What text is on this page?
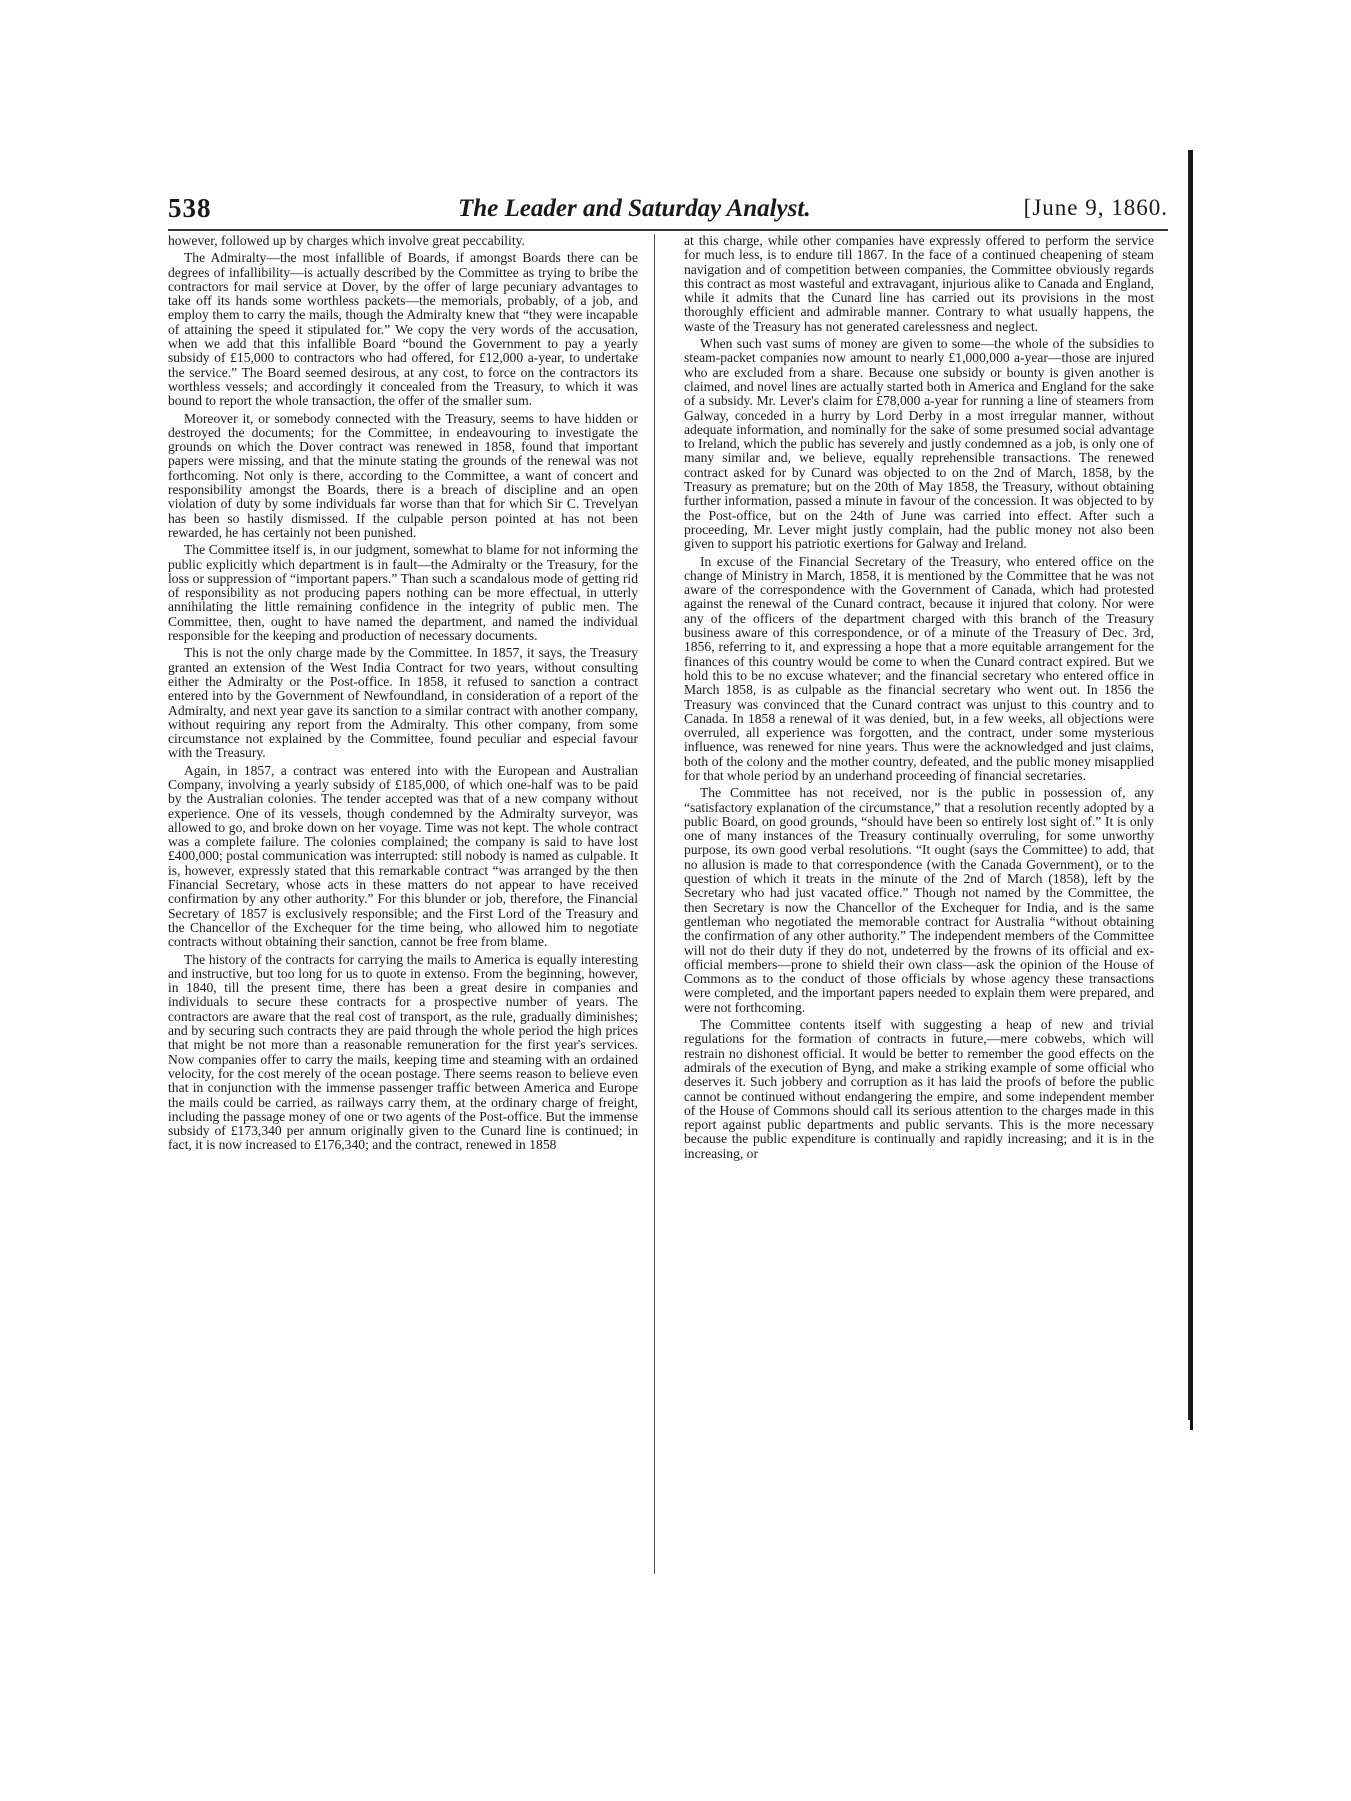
538	The Leader and Saturday Analyst.	[June 9, 1860.

however, followed up by charges which involve great peccability.

The Admiralty—the most infallible of Boards, if amongst Boards there can be degrees of infallibility—is actually described by the Committee as trying to bribe the contractors for mail service at Dover, by the offer of large pecuniary advantages to take off its hands some worthless packets—the memorials, probably, of a job, and employ them to carry the mails, though the Admiralty knew that “they were incapable of attaining the speed it stipulated for.” We copy the very words of the accusation, when we add that this infallible Board “bound the Government to pay a yearly subsidy of £15,000 to contractors who had offered, for £12,000 a-year, to undertake the service.” The Board seemed desirous, at any cost, to force on the contractors its worthless vessels; and accordingly it concealed from the Treasury, to which it was bound to report the whole transaction, the offer of the smaller sum.

Moreover it, or somebody connected with the Treasury, seems to have hidden or destroyed the documents; for the Committee, in endeavouring to investigate the grounds on which the Dover contract was renewed in 1858, found that important papers were missing, and that the minute stating the grounds of the renewal was not forthcoming. Not only is there, according to the Committee, a want of concert and responsibility amongst the Boards, there is a breach of discipline and an open violation of duty by some individuals far worse than that for which Sir C. Trevelyan has been so hastily dismissed. If the culpable person pointed at has not been rewarded, he has certainly not been punished.

The Committee itself is, in our judgment, somewhat to blame for not informing the public explicitly which department is in fault—the Admiralty or the Treasury, for the loss or suppression of “important papers.” Than such a scandalous mode of getting rid of responsibility as not producing papers nothing can be more effectual, in utterly annihilating the little remaining confidence in the integrity of public men. The Committee, then, ought to have named the department, and named the individual responsible for the keeping and production of necessary documents.

This is not the only charge made by the Committee. In 1857, it says, the Treasury granted an extension of the West India Contract for two years, without consulting either the Admiralty or the Post-office. In 1858, it refused to sanction a contract entered into by the Government of Newfoundland, in consideration of a report of the Admiralty, and next year gave its sanction to a similar contract with another company, without requiring any report from the Admiralty. This other company, from some circumstance not explained by the Committee, found peculiar and especial favour with the Treasury.

Again, in 1857, a contract was entered into with the European and Australian Company, involving a yearly subsidy of £185,000, of which one-half was to be paid by the Australian colonies. The tender accepted was that of a new company without experience. One of its vessels, though condemned by the Admiralty surveyor, was allowed to go, and broke down on her voyage. Time was not kept. The whole contract was a complete failure. The colonies complained; the company is said to have lost £400,000; postal communication was interrupted: still nobody is named as culpable. It is, however, expressly stated that this remarkable contract “was arranged by the then Financial Secretary, whose acts in these matters do not appear to have received confirmation by any other authority.” For this blunder or job, therefore, the Financial Secretary of 1857 is exclusively responsible; and the First Lord of the Treasury and the Chancellor of the Exchequer for the time being, who allowed him to negotiate contracts without obtaining their sanction, cannot be free from blame.

The history of the contracts for carrying the mails to America is equally interesting and instructive, but too long for us to quote in extenso. From the beginning, however, in 1840, till the present time, there has been a great desire in companies and individuals to secure these contracts for a prospective number of years. The contractors are aware that the real cost of transport, as the rule, gradually diminishes; and by securing such contracts they are paid through the whole period the high prices that might be not more than a reasonable remuneration for the first year's services. Now companies offer to carry the mails, keeping time and steaming with an ordained velocity, for the cost merely of the ocean postage. There seems reason to believe even that in conjunction with the immense passenger traffic between America and Europe the mails could be carried, as railways carry them, at the ordinary charge of freight, including the passage money of one or two agents of the Post-office. But the immense subsidy of £173,340 per annum originally given to the Cunard line is continued; in fact, it is now increased to £176,340; and the contract, renewed in 1858

at this charge, while other companies have expressly offered to perform the service for much less, is to endure till 1867. In the face of a continued cheapening of steam navigation and of competition between companies, the Committee obviously regards this contract as most wasteful and extravagant, injurious alike to Canada and England, while it admits that the Cunard line has carried out its provisions in the most thoroughly efficient and admirable manner. Contrary to what usually happens, the waste of the Treasury has not generated carelessness and neglect.

When such vast sums of money are given to some—the whole of the subsidies to steam-packet companies now amount to nearly £1,000,000 a-year—those are injured who are excluded from a share. Because one subsidy or bounty is given another is claimed, and novel lines are actually started both in America and England for the sake of a subsidy. Mr. Lever's claim for £78,000 a-year for running a line of steamers from Galway, conceded in a hurry by Lord Derby in a most irregular manner, without adequate information, and nominally for the sake of some presumed social advantage to Ireland, which the public has severely and justly condemned as a job, is only one of many similar and, we believe, equally reprehensible transactions. The renewed contract asked for by Cunard was objected to on the 2nd of March, 1858, by the Treasury as premature; but on the 20th of May 1858, the Treasury, without obtaining further information, passed a minute in favour of the concession. It was objected to by the Post-office, but on the 24th of June was carried into effect. After such a proceeding, Mr. Lever might justly complain, had the public money not also been given to support his patriotic exertions for Galway and Ireland.

In excuse of the Financial Secretary of the Treasury, who entered office on the change of Ministry in March, 1858, it is mentioned by the Committee that he was not aware of the correspondence with the Government of Canada, which had protested against the renewal of the Cunard contract, because it injured that colony. Nor were any of the officers of the department charged with this branch of the Treasury business aware of this correspondence, or of a minute of the Treasury of Dec. 3rd, 1856, referring to it, and expressing a hope that a more equitable arrangement for the finances of this country would be come to when the Cunard contract expired. But we hold this to be no excuse whatever; and the financial secretary who entered office in March 1858, is as culpable as the financial secretary who went out. In 1856 the Treasury was convinced that the Cunard contract was unjust to this country and to Canada. In 1858 a renewal of it was denied, but, in a few weeks, all objections were overruled, all experience was forgotten, and the contract, under some mysterious influence, was renewed for nine years. Thus were the acknowledged and just claims, both of the colony and the mother country, defeated, and the public money misapplied for that whole period by an underhand proceeding of financial secretaries.

The Committee has not received, nor is the public in possession of, any “satisfactory explanation of the circumstance,” that a resolution recently adopted by a public Board, on good grounds, “should have been so entirely lost sight of.” It is only one of many instances of the Treasury continually overruling, for some unworthy purpose, its own good verbal resolutions. “It ought (says the Committee) to add, that no allusion is made to that correspondence (with the Canada Government), or to the question of which it treats in the minute of the 2nd of March (1858), left by the Secretary who had just vacated office.” Though not named by the Committee, the then Secretary is now the Chancellor of the Exchequer for India, and is the same gentleman who negotiated the memorable contract for Australia “without obtaining the confirmation of any other authority.” The independent members of the Committee will not do their duty if they do not, undeterred by the frowns of its official and ex-official members—prone to shield their own class—ask the opinion of the House of Commons as to the conduct of those officials by whose agency these transactions were completed, and the important papers needed to explain them were prepared, and were not forthcoming.

The Committee contents itself with suggesting a heap of new and trivial regulations for the formation of contracts in future,—mere cobwebs, which will restrain no dishonest official. It would be better to remember the good effects on the admirals of the execution of Byng, and make a striking example of some official who deserves it. Such jobbery and corruption as it has laid the proofs of before the public cannot be continued without endangering the empire, and some independent member of the House of Commons should call its serious attention to the charges made in this report against public departments and public servants. This is the more necessary because the public expenditure is continually and rapidly increasing; and it is in the increasing, or
